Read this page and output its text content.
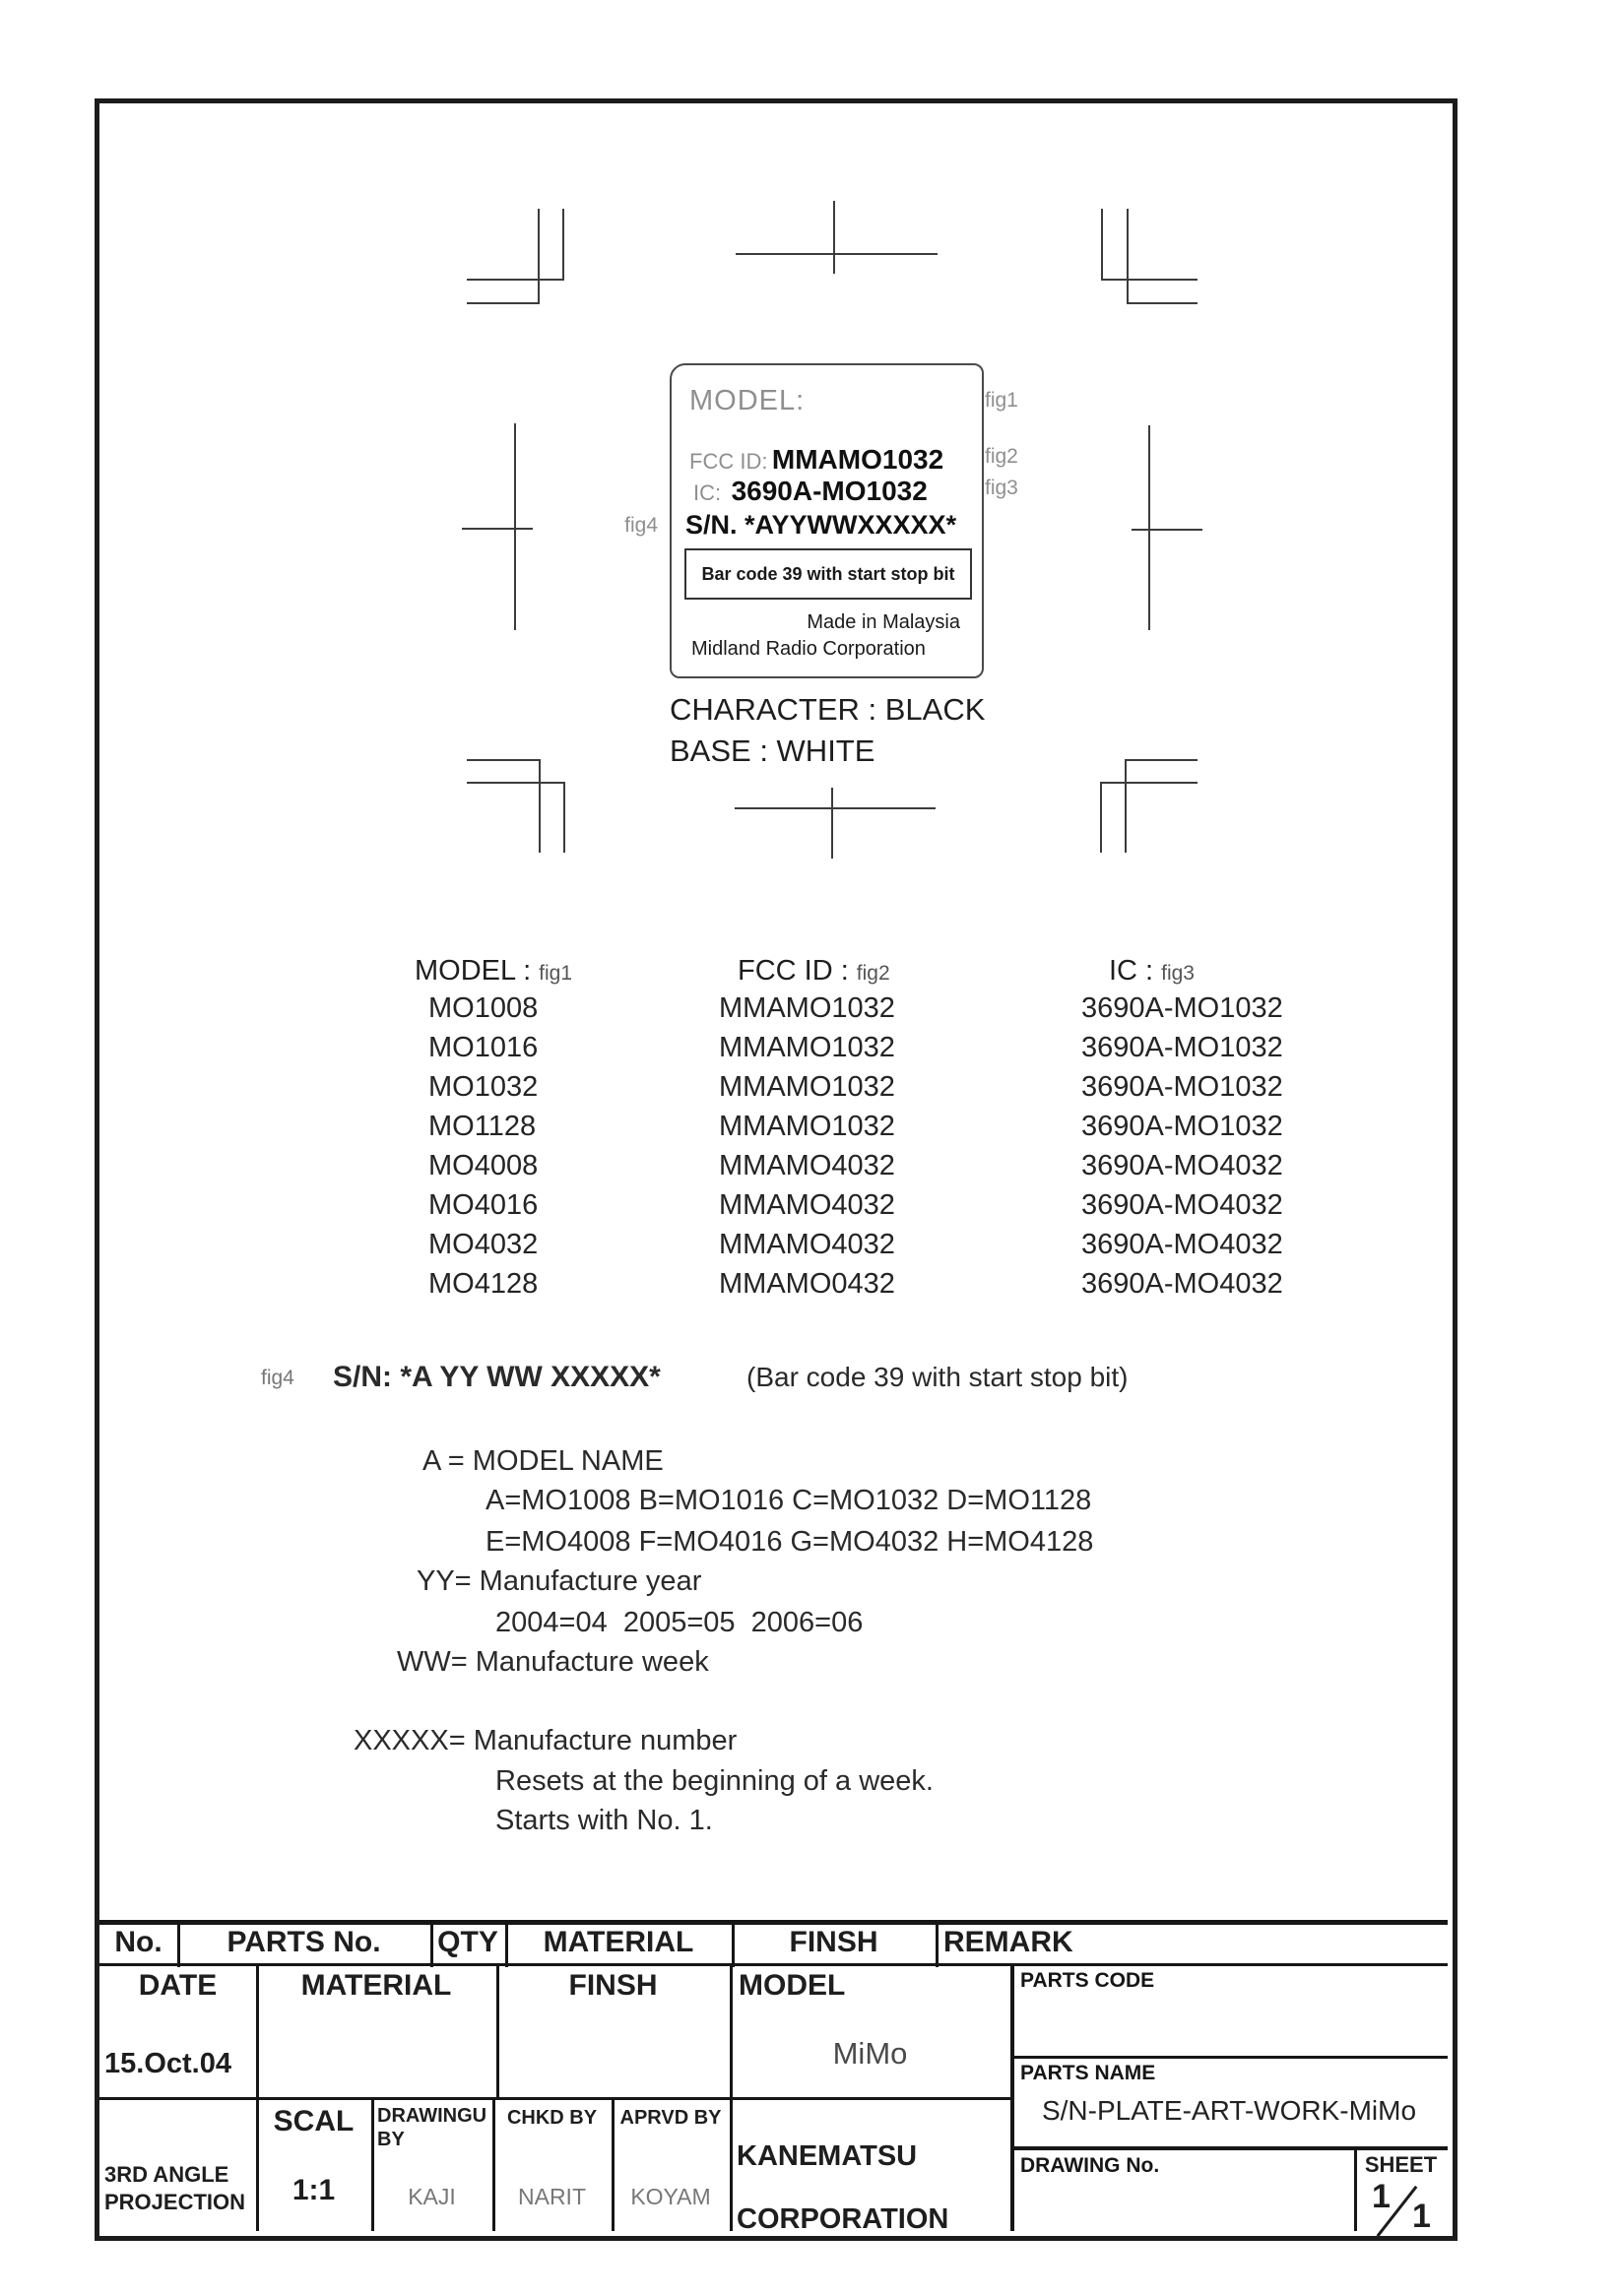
MODEL:
FCC ID: MMAMO1032
IC: 3690A-MO1032
S/N. *AYYWWXXXXX*
Bar code 39 with start stop bit
Made in Malaysia
Midland Radio Corporation
fig1
fig2
fig3
fig4
CHARACTER : BLACK
BASE : WHITE
MODEL : fig1	FCC ID : fig2	IC : fig3
MO1008	MMAMO1032	3690A-MO1032
MO1016	MMAMO1032	3690A-MO1032
MO1032	MMAMO1032	3690A-MO1032
MO1128	MMAMO1032	3690A-MO1032
MO4008	MMAMO4032	3690A-MO4032
MO4016	MMAMO4032	3690A-MO4032
MO4032	MMAMO4032	3690A-MO4032
MO4128	MMAMO0432	3690A-MO4032
fig4 S/N: *A YY WW XXXXX*	(Bar code 39 with start stop bit)
A = MODEL NAME
A=MO1008 B=MO1016 C=MO1032 D=MO1128
E=MO4008 F=MO4016 G=MO4032 H=MO4128
YY= Manufacture year
2004=04  2005=05  2006=06
WW= Manufacture week
XXXXX= Manufacture number
Resets at the beginning of a week.
Starts with No. 1.
No.	PARTS No.	QTY	MATERIAL	FINSH	REMARK
DATE
15.Oct.04
MATERIAL	FINSH	MODEL
MiMo
PARTS CODE
PARTS NAME
S/N-PLATE-ART-WORK-MiMo
3RD ANGLE
PROJECTION
SCAL
1:1
DRAWINGU
BY
KAJI
CHKD BY
NARIT
APRVD BY
KOYAM
KANEMATSU
CORPORATION
DRAWING No.	SHEET
1
1
